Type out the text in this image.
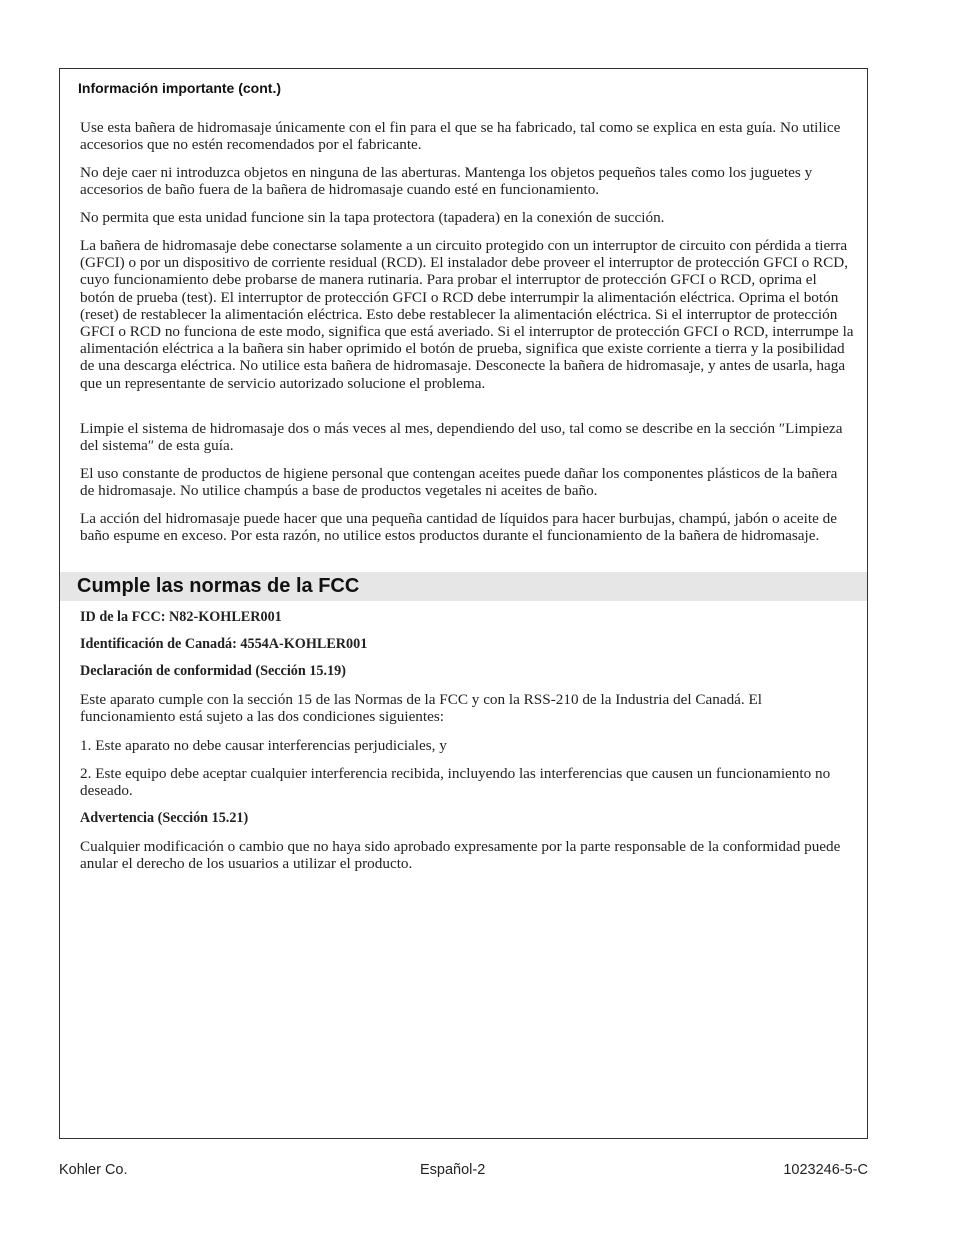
Información importante (cont.)

Use esta bañera de hidromasaje únicamente con el fin para el que se ha fabricado, tal como se explica en esta guía. No utilice accesorios que no estén recomendados por el fabricante.

No deje caer ni introduzca objetos en ninguna de las aberturas. Mantenga los objetos pequeños tales como los juguetes y accesorios de baño fuera de la bañera de hidromasaje cuando esté en funcionamiento.

No permita que esta unidad funcione sin la tapa protectora (tapadera) en la conexión de succión.

La bañera de hidromasaje debe conectarse solamente a un circuito protegido con un interruptor de circuito con pérdida a tierra (GFCI) o por un dispositivo de corriente residual (RCD). El instalador debe proveer el interruptor de protección GFCI o RCD, cuyo funcionamiento debe probarse de manera rutinaria. Para probar el interruptor de protección GFCI o RCD, oprima el botón de prueba (test). El interruptor de protección GFCI o RCD debe interrumpir la alimentación eléctrica. Oprima el botón (reset) de restablecer la alimentación eléctrica. Esto debe restablecer la alimentación eléctrica. Si el interruptor de protección GFCI o RCD no funciona de este modo, significa que está averiado. Si el interruptor de protección GFCI o RCD, interrumpe la alimentación eléctrica a la bañera sin haber oprimido el botón de prueba, significa que existe corriente a tierra y la posibilidad de una descarga eléctrica. No utilice esta bañera de hidromasaje. Desconecte la bañera de hidromasaje, y antes de usarla, haga que un representante de servicio autorizado solucione el problema.

Limpie el sistema de hidromasaje dos o más veces al mes, dependiendo del uso, tal como se describe en la sección ″Limpieza del sistema″ de esta guía.

El uso constante de productos de higiene personal que contengan aceites puede dañar los componentes plásticos de la bañera de hidromasaje. No utilice champús a base de productos vegetales ni aceites de baño.

La acción del hidromasaje puede hacer que una pequeña cantidad de líquidos para hacer burbujas, champú, jabón o aceite de baño espume en exceso. Por esta razón, no utilice estos productos durante el funcionamiento de la bañera de hidromasaje.

Cumple las normas de la FCC

ID de la FCC: N82-KOHLER001

Identificación de Canadá: 4554A-KOHLER001

Declaración de conformidad (Sección 15.19)

Este aparato cumple con la sección 15 de las Normas de la FCC y con la RSS-210 de la Industria del Canadá. El funcionamiento está sujeto a las dos condiciones siguientes:

1. Este aparato no debe causar interferencias perjudiciales, y

2. Este equipo debe aceptar cualquier interferencia recibida, incluyendo las interferencias que causen un funcionamiento no deseado.

Advertencia (Sección 15.21)

Cualquier modificación o cambio que no haya sido aprobado expresamente por la parte responsable de la conformidad puede anular el derecho de los usuarios a utilizar el producto.

Kohler Co.	Español-2	1023246-5-C
